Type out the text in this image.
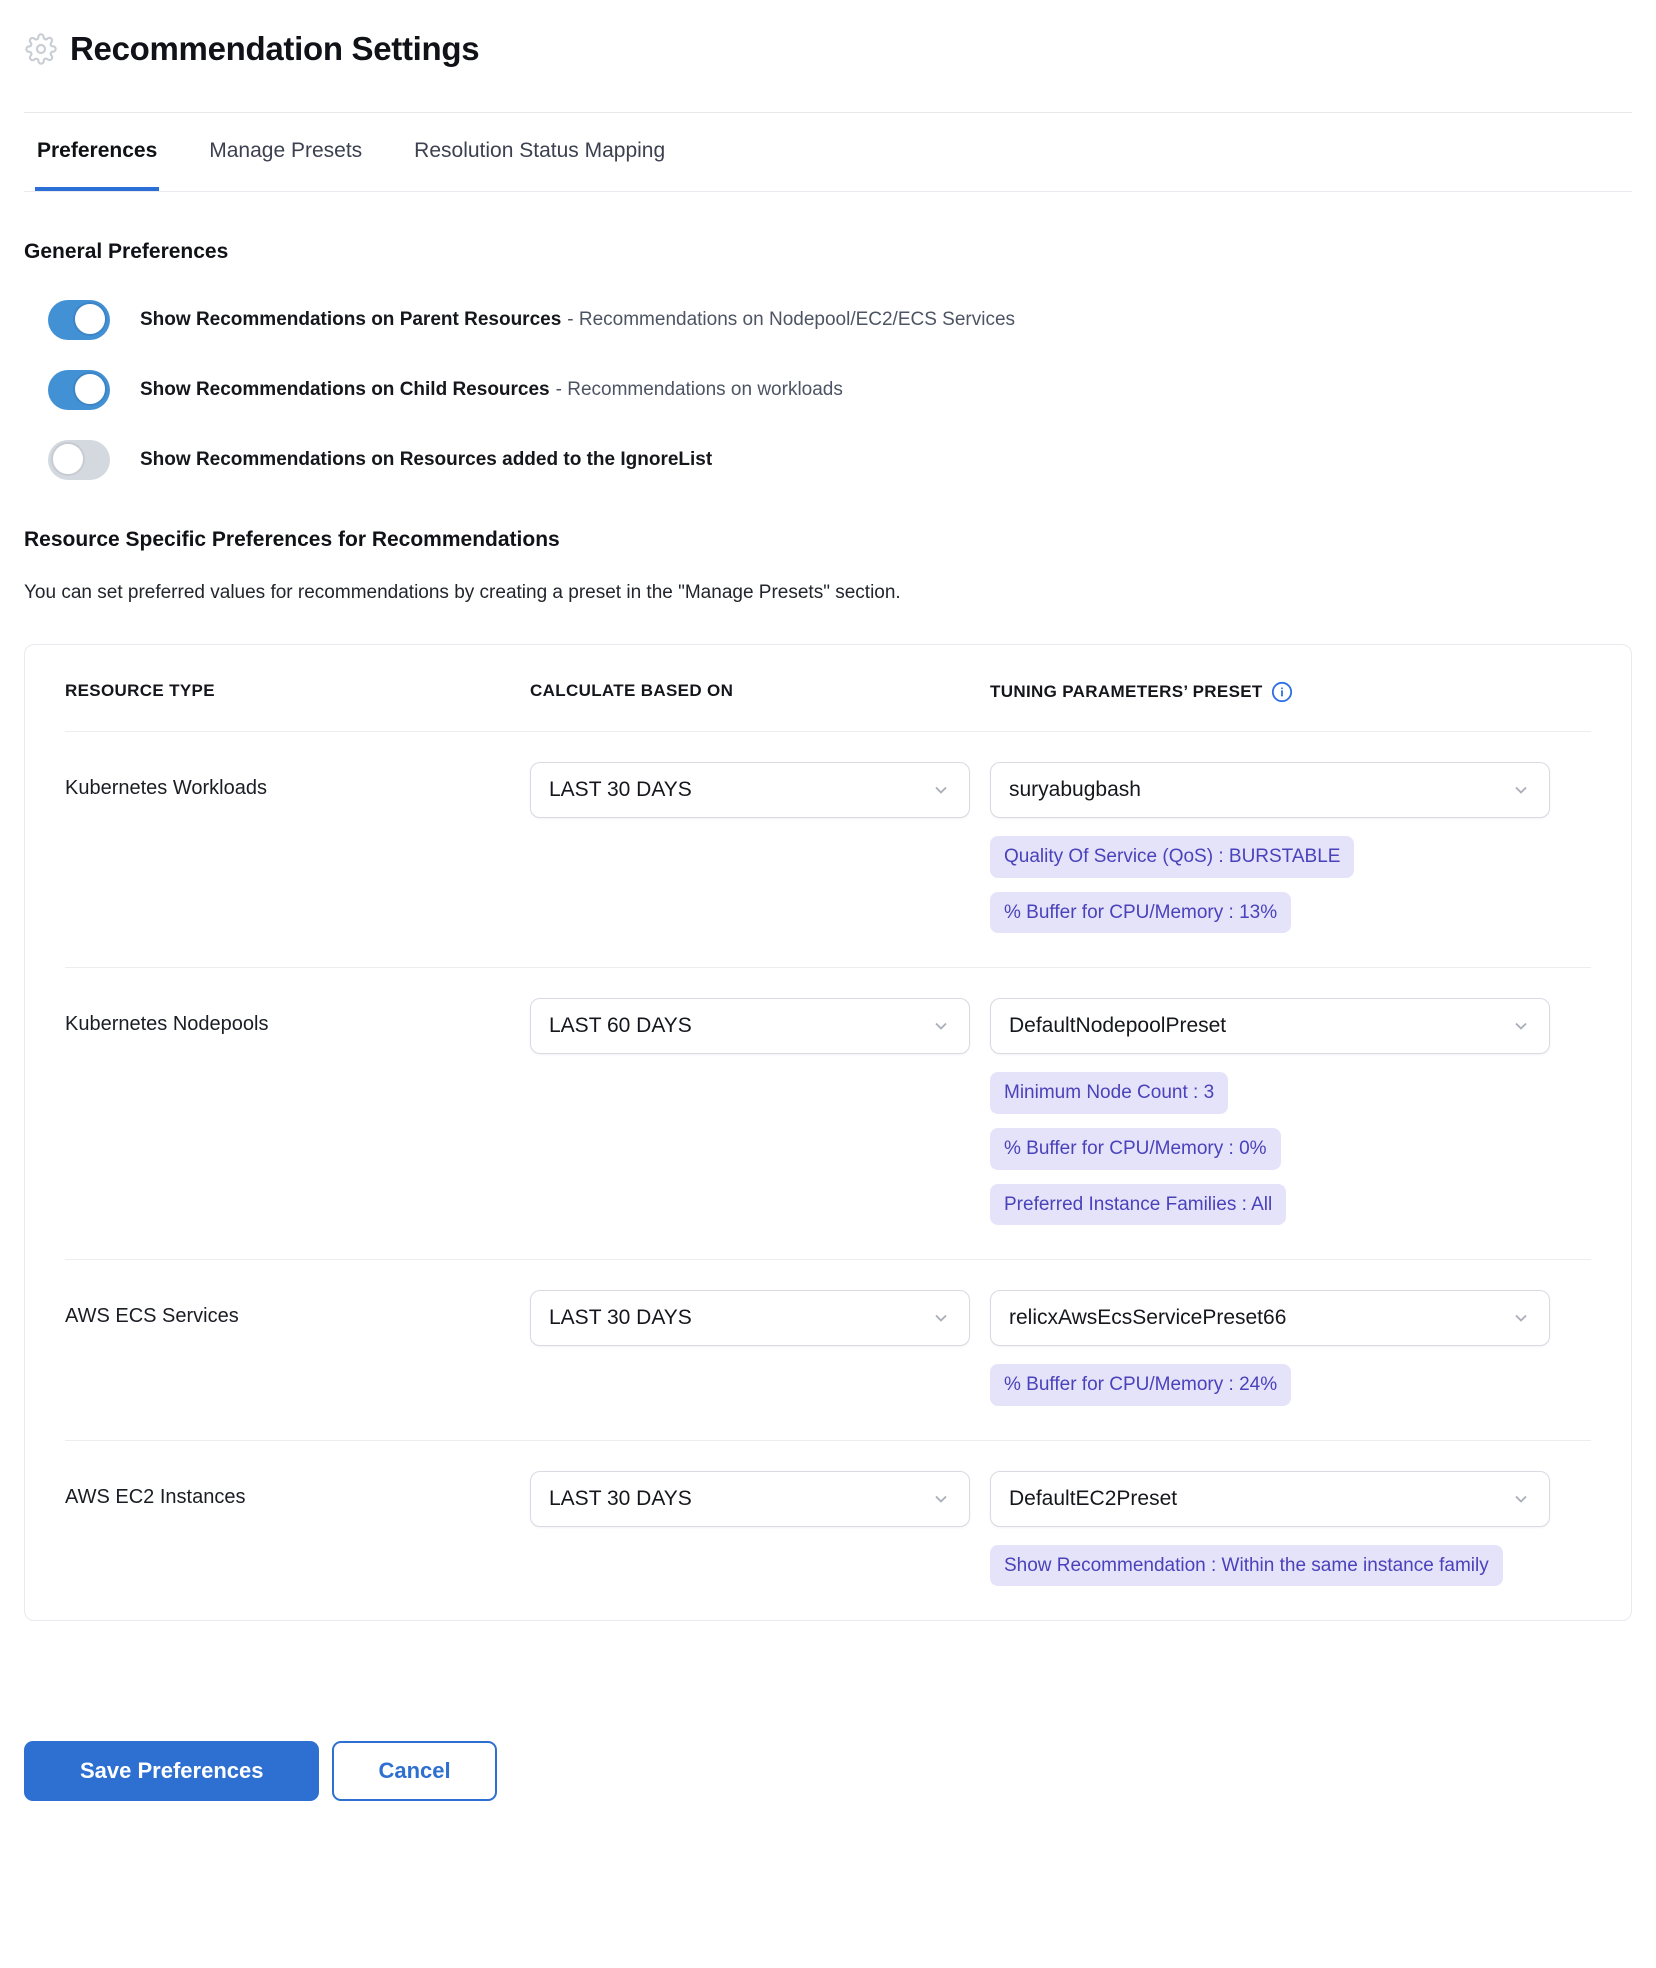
Recommendation Settings
Preferences Manage Presets Resolution Status Mapping
General Preferences
Show Recommendations on Parent Resources - Recommendations on Nodepool/EC2/ECS Services
Show Recommendations on Child Resources - Recommendations on workloads
Show Recommendations on Resources added to the IgnoreList
Resource Specific Preferences for Recommendations

You can set preferred values for recommendations by creating a preset in the "Manage Presets" section.

RESOURCE TYPE	CALCULATE BASED ON	TUNING PARAMETERS’ PRESET
Kubernetes Workloads	LAST 30 DAYS	suryabugbash
Quality Of Service (QoS) : BURSTABLE
% Buffer for CPU/Memory : 13%
Kubernetes Nodepools	LAST 60 DAYS	DefaultNodepoolPreset
Minimum Node Count : 3
% Buffer for CPU/Memory : 0%
Preferred Instance Families : All
AWS ECS Services	LAST 30 DAYS	relicxAwsEcsServicePreset66
% Buffer for CPU/Memory : 24%
AWS EC2 Instances	LAST 30 DAYS	DefaultEC2Preset
Show Recommendation : Within the same instance family
Save Preferences	Cancel
